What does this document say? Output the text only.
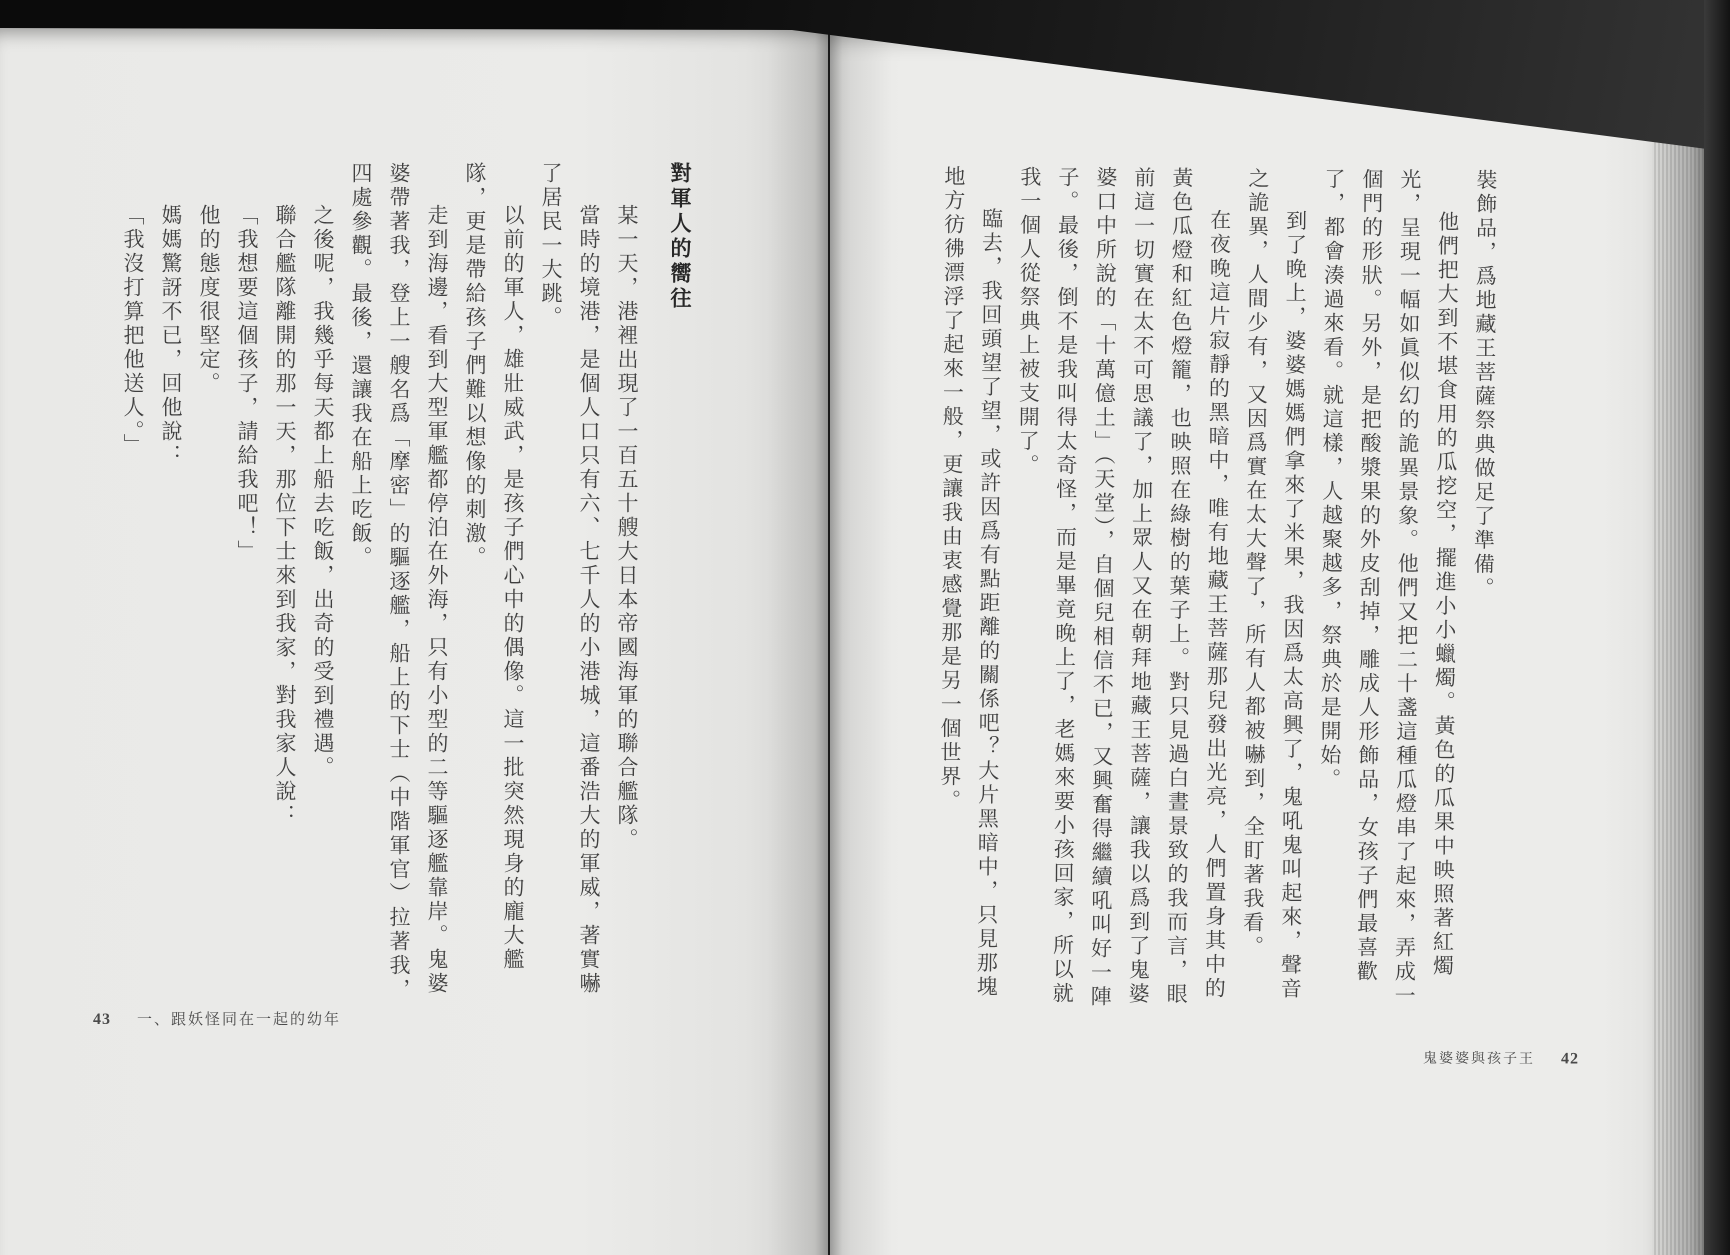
對軍人的嚮往

某一天，港裡出現了一百五十艘大日本帝國海軍的聯合艦隊。

當時的境港，是個人口只有六、七千人的小港城，這番浩大的軍威，著實嚇了居民一大跳。

以前的軍人，雄壯威武，是孩子們心中的偶像。這一批突然現身的龐大艦隊，更是帶給孩子們難以想像的刺激。

走到海邊，看到大型軍艦都停泊在外海，只有小型的二等驅逐艦靠岸。鬼婆婆帶著我，登上一艘名爲「摩密」的驅逐艦，船上的下士（中階軍官）拉著我，四處參觀。最後，還讓我在船上吃飯。

之後呢，我幾乎每天都上船去吃飯，出奇的受到禮遇。

聯合艦隊離開的那一天，那位下士來到我家，對我家人說：

「我想要這個孩子，請給我吧！」

他的態度很堅定。

媽媽驚訝不已，回他說：

「我沒打算把他送人。」

43 一、跟妖怪同在一起的幼年

裝飾品，爲地藏王菩薩祭典做足了準備。

他們把大到不堪食用的瓜挖空，擺進小小蠟燭。黃色的瓜果中映照著紅燭光，呈現一幅如眞似幻的詭異景象。他們又把二十盞這種瓜燈串了起來，弄成一個門的形狀。另外，是把酸漿果的外皮刮掉，雕成人形飾品，女孩子們最喜歡了，都會湊過來看。就這樣，人越聚越多，祭典於是開始。

到了晚上，婆婆媽媽們拿來了米果，我因爲太高興了，鬼吼鬼叫起來，聲音之詭異，人間少有，又因爲實在太大聲了，所有人都被嚇到，全盯著我看。

在夜晚這片寂靜的黑暗中，唯有地藏王菩薩那兒發出光亮，人們置身其中的黃色瓜燈和紅色燈籠，也映照在綠樹的葉子上。對只見過白晝景致的我而言，眼前這一切實在太不可思議了，加上眾人又在朝拜地藏王菩薩，讓我以爲到了鬼婆婆口中所說的「十萬億土」（天堂），自個兒相信不已，又興奮得繼續吼叫好一陣子。最後，倒不是我叫得太奇怪，而是畢竟晚上了，老媽來要小孩回家，所以就我一個人從祭典上被支開了。

臨去，我回頭望了望，或許因爲有點距離的關係吧？大片黑暗中，只見那塊地方彷彿漂浮了起來一般，更讓我由衷感覺那是另一個世界。

鬼婆婆與孩子王 42
